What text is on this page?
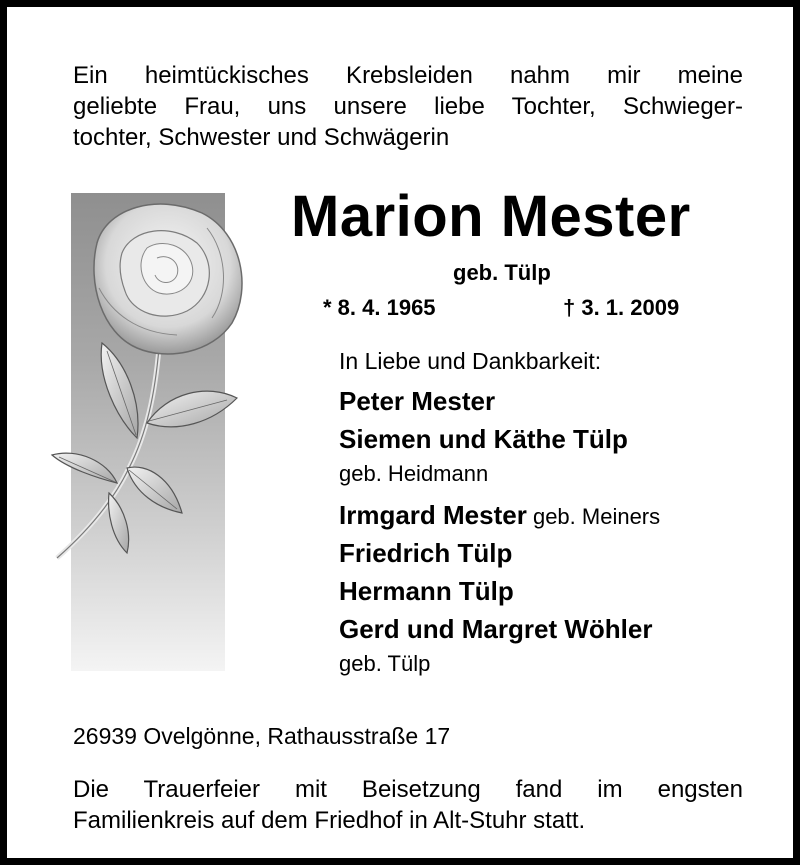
Ein heimtückisches Krebsleiden nahm mir meine
geliebte Frau, uns unsere liebe Tochter, Schwieger-
tochter, Schwester und Schwägerin
Marion Mester
geb. Tülp
* 8. 4. 1965	† 3. 1. 2009
In Liebe und Dankbarkeit:
Peter Mester
Siemen und Käthe Tülp
geb. Heidmann
Irmgard Mester geb. Meiners
Friedrich Tülp
Hermann Tülp
Gerd und Margret Wöhler
geb. Tülp
26939 Ovelgönne, Rathausstraße 17
Die Trauerfeier mit Beisetzung fand im engsten
Familienkreis auf dem Friedhof in Alt-Stuhr statt.
